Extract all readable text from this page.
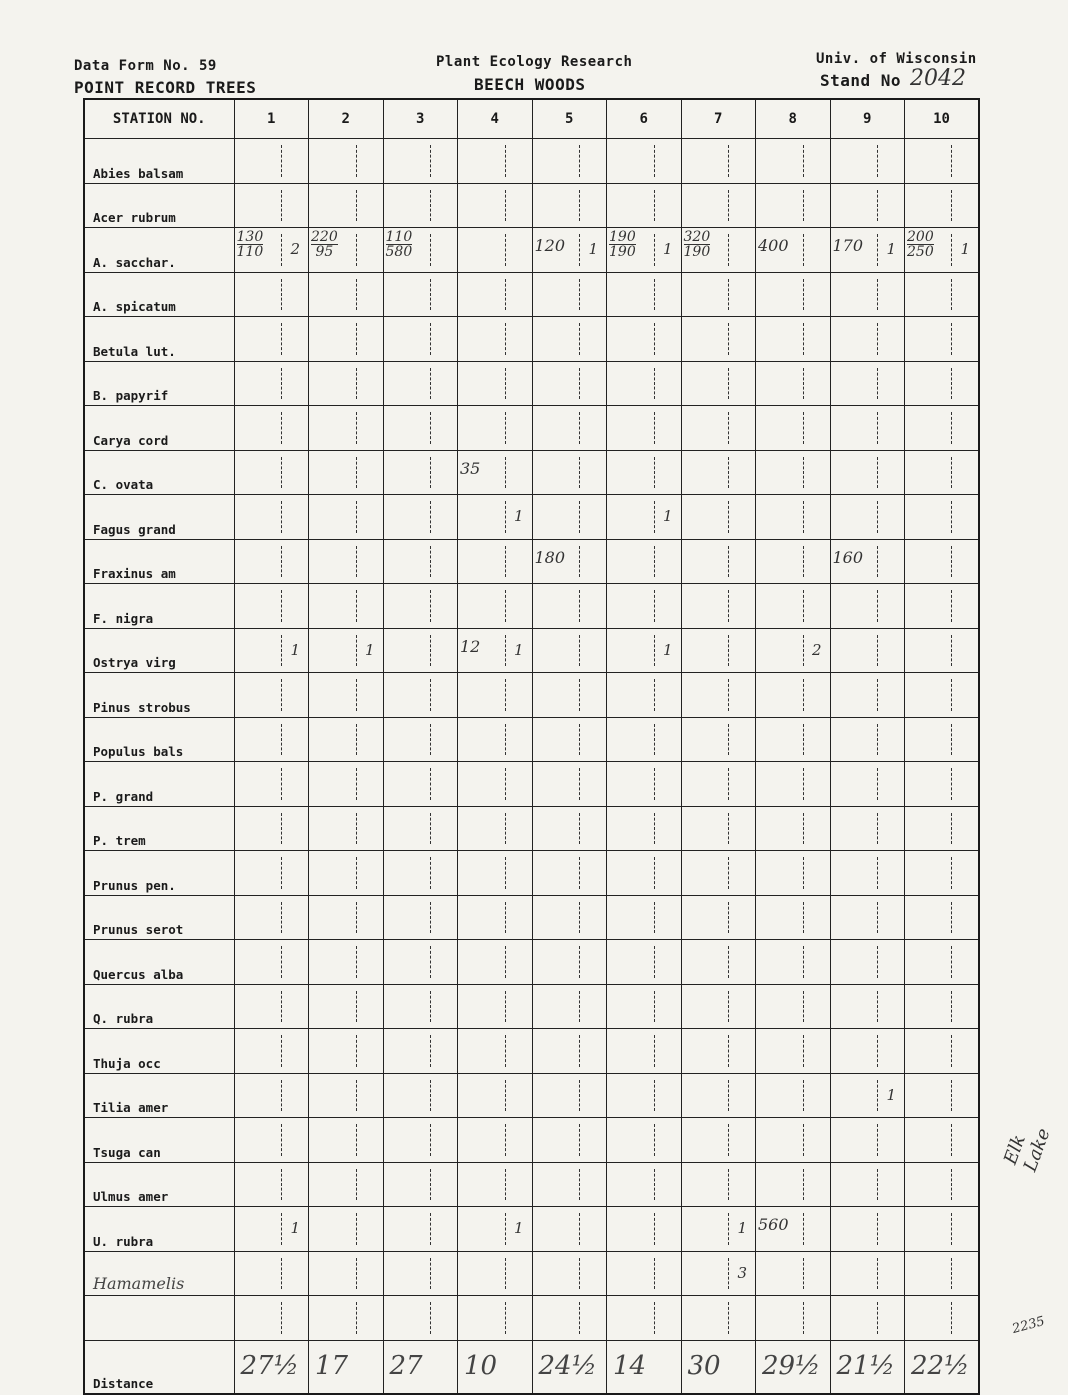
Data Form No. 59
POINT RECORD TREES
Plant Ecology Research
BEECH WOODS
Univ. of Wisconsin
Stand No 2042
STATION NO.	1	2	3	4	5	6	7	8	9	10
Abies balsam	

Acer rubrum	

A. sacchar.	$\frac{130}{110} 2$	$\frac{220}{95}$	$\frac{110}{580}$		120 1	$\frac{190}{190} 1$	$\frac{320}{190}$	400	170 1	$\frac{200}{250} 1$

A. spicatum	

Betula lut.	

B. papyrif	

Carya cord	

C. ovata				35						

Fagus grand				1		1				

Fraxinus am					180				160	

F. nigra	

Ostrya virg	1	1		12 1		1		2		

Pinus strobus	

Populus bals	

P. grand	

P. trem	

Prunus pen.	

Prunus serot	

Quercus alba	

Q. rubra	

Thuja occ	

Tilia amer									1	

Tsuga can	

Ulmus amer	

U. rubra	1			1			1	560		

Hamamelis							3			

Distance	27½	17	27	10	24½	14	30	29½	21½	22½
Elk Lake
2235
